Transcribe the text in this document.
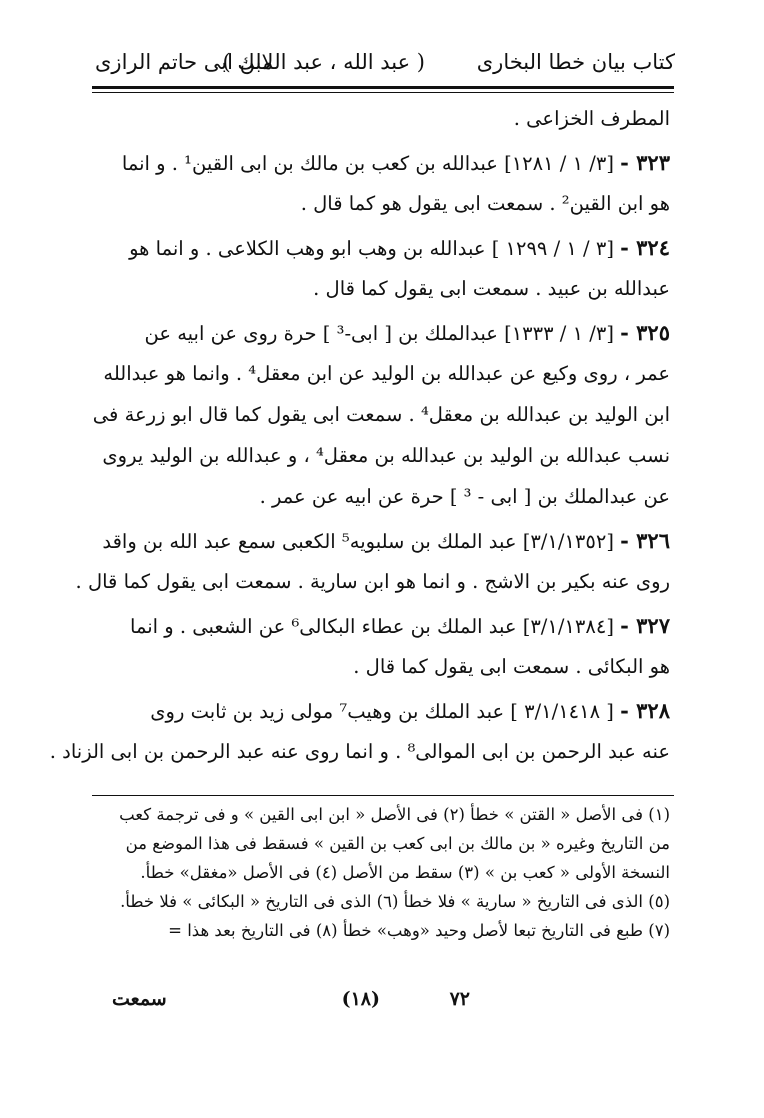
كتاب بيان خطا البخارى
( عبد الله ، عبد الملك )
لابن ابى حاتم الرازى
المطرف الخزاعى .
٣٢٣ - [٣/ ١ / ١٢٨١] عبدالله بن كعب بن مالك بن ابى القين¹ . و انما
هو ابن القين² . سمعت ابى يقول هو كما قال .
٣٢٤ - [٣ / ١ / ١٢٩٩ ] عبدالله بن وهب ابو وهب الكلاعى . و انما هو
عبدالله بن عبيد . سمعت ابى يقول كما قال .
٣٢٥ - [٣/ ١ / ١٣٣٣] عبدالملك بن [ ابى-³ ] حرة روى عن ابيه عن
عمر ، روى وكيع عن عبدالله بن الوليد عن ابن معقل⁴ . وانما هو عبدالله
ابن الوليد بن عبدالله بن معقل⁴ . سمعت ابى يقول كما قال ابو زرعة فى
نسب عبدالله بن الوليد بن عبدالله بن معقل⁴ ، و عبدالله بن الوليد يروى
عن عبدالملك بن [ ابى - ³ ] حرة عن ابيه عن عمر .
٣٢٦ - [٣/١/١٣٥٢] عبد الملك بن سلبويه⁵ الكعبى سمع عبد الله بن واقد
روى عنه بكير بن الاشج . و انما هو ابن سارية . سمعت ابى يقول كما قال .
٣٢٧ - [٣/١/١٣٨٤] عبد الملك بن عطاء البكالى⁶ عن الشعبى . و انما
هو البكائى . سمعت ابى يقول كما قال .
٣٢٨ - [ ٣/١/١٤١٨ ] عبد الملك بن وهيب⁷ مولى زيد بن ثابت روى
عنه عبد الرحمن بن ابى الموالى⁸ . و انما روى عنه عبد الرحمن بن ابى الزناد .
(١) فى الأصل « القتن » خطأ (٢) فى الأصل « ابن ابى القين » و فى ترجمة كعب
من التاريخ وغيره « بن مالك بن ابى كعب بن القين » فسقط فى هذا الموضع من
النسخة الأولى « كعب بن » (٣) سقط من الأصل (٤) فى الأصل «مغقل» خطأ.
(٥) الذى فى التاريخ « سارية » فلا خطأ (٦) الذى فى التاريخ « البكائى » فلا خطأ.
(٧) طبع فى التاريخ تبعا لأصل وحيد «وهب» خطأ (٨) فى التاريخ بعد هذا =
٧٢
(١٨)
سمعت
